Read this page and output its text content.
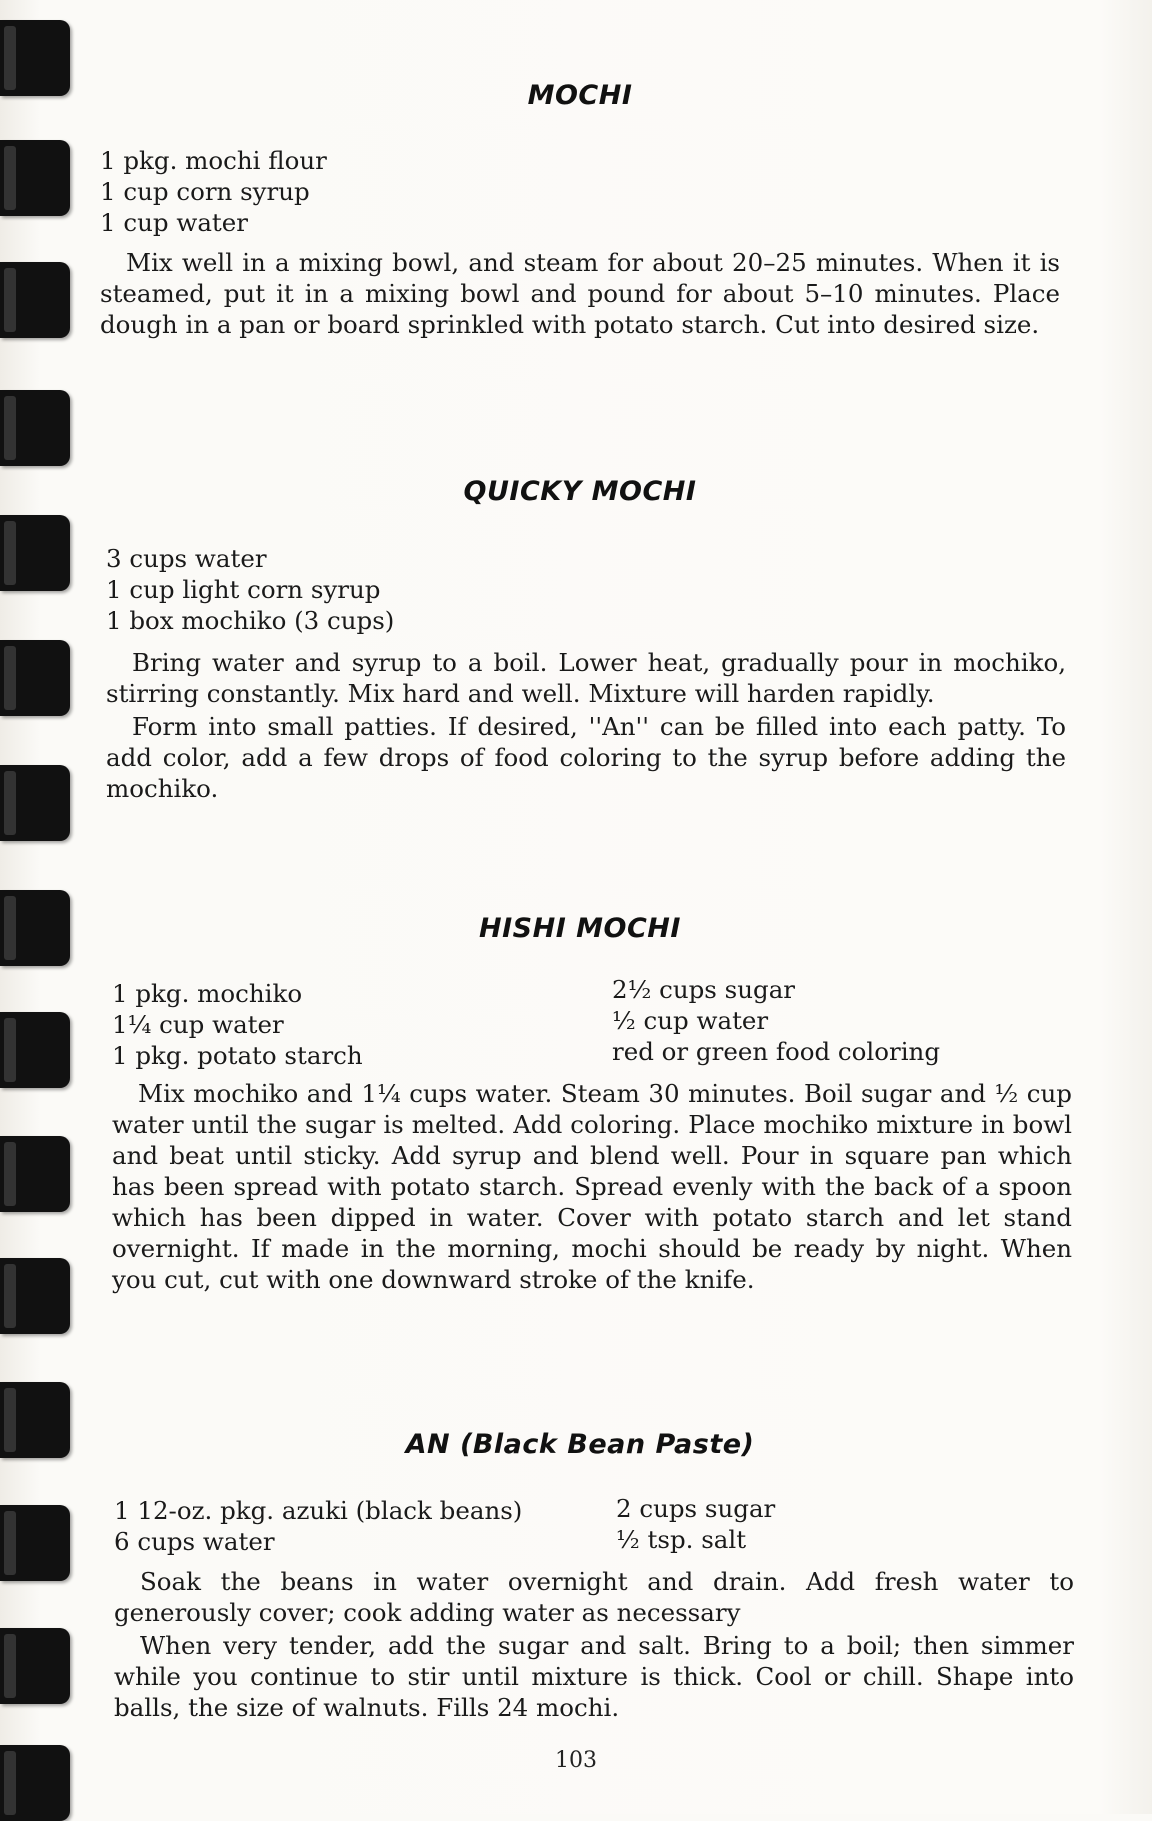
MOCHI
1 pkg. mochi flour
1 cup corn syrup
1 cup water

Mix well in a mixing bowl, and steam for about 20–25 minutes. When it is steamed, put it in a mixing bowl and pound for about 5–10 minutes. Place dough in a pan or board sprinkled with potato starch. Cut into desired size.

QUICKY MOCHI
3 cups water
1 cup light corn syrup
1 box mochiko (3 cups)

Bring water and syrup to a boil. Lower heat, gradually pour in mochiko, stirring constantly. Mix hard and well. Mixture will harden rapidly.

Form into small patties. If desired, ''An'' can be filled into each patty. To add color, add a few drops of food coloring to the syrup before adding the mochiko.

HISHI MOCHI
1 pkg. mochiko
1¼ cup water
1 pkg. potato starch
2½ cups sugar
½ cup water
red or green food coloring

Mix mochiko and 1¼ cups water. Steam 30 minutes. Boil sugar and ½ cup water until the sugar is melted. Add coloring. Place mochiko mixture in bowl and beat until sticky. Add syrup and blend well. Pour in square pan which has been spread with potato starch. Spread evenly with the back of a spoon which has been dipped in water. Cover with potato starch and let stand overnight. If made in the morning, mochi should be ready by night. When you cut, cut with one downward stroke of the knife.

AN (Black Bean Paste)
1 12-oz. pkg. azuki (black beans)
6 cups water
2 cups sugar
½ tsp. salt

Soak the beans in water overnight and drain. Add fresh water to generously cover; cook adding water as necessary

When very tender, add the sugar and salt. Bring to a boil; then simmer while you continue to stir until mixture is thick. Cool or chill. Shape into balls, the size of walnuts. Fills 24 mochi.

103
